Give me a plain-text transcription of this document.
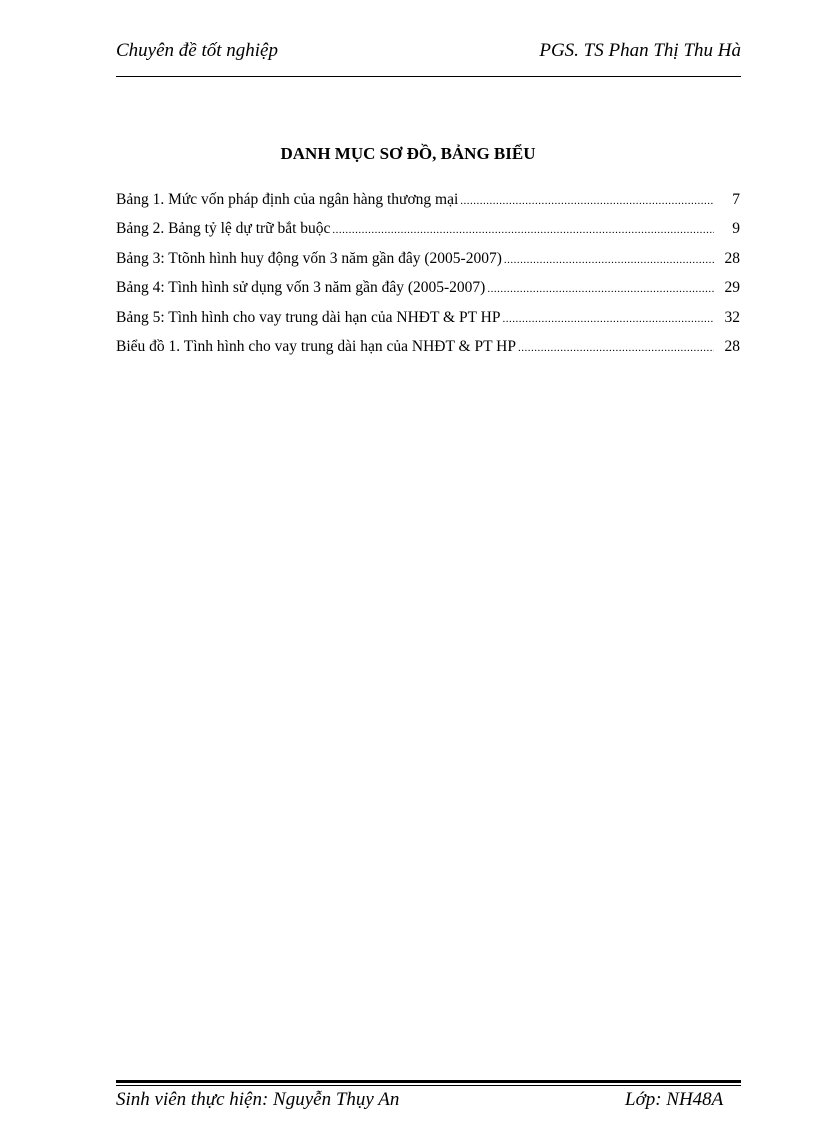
Chuyên đề tốt nghiệp	PGS. TS Phan Thị Thu Hà
DANH MỤC SƠ ĐỒ, BẢNG BIỂU
Bảng 1. Mức vốn pháp định của ngân hàng thương mại .....	7
Bảng 2. Bảng tỷ lệ dự trữ bắt buộc .....	9
Bảng 3: Ttõnh hình huy động vốn 3 năm gần đây (2005-2007) .....	28
Bảng 4: Tình hình sử dụng vốn 3 năm gần đây (2005-2007) .....	29
Bảng 5: Tình hình cho vay trung dài hạn của NHĐT & PT HP .....	32
Biểu đồ 1. Tình hình cho vay trung dài hạn của NHĐT & PT HP .....	28
Sinh viên thực hiện: Nguyễn Thụy An	Lớp: NH48A
